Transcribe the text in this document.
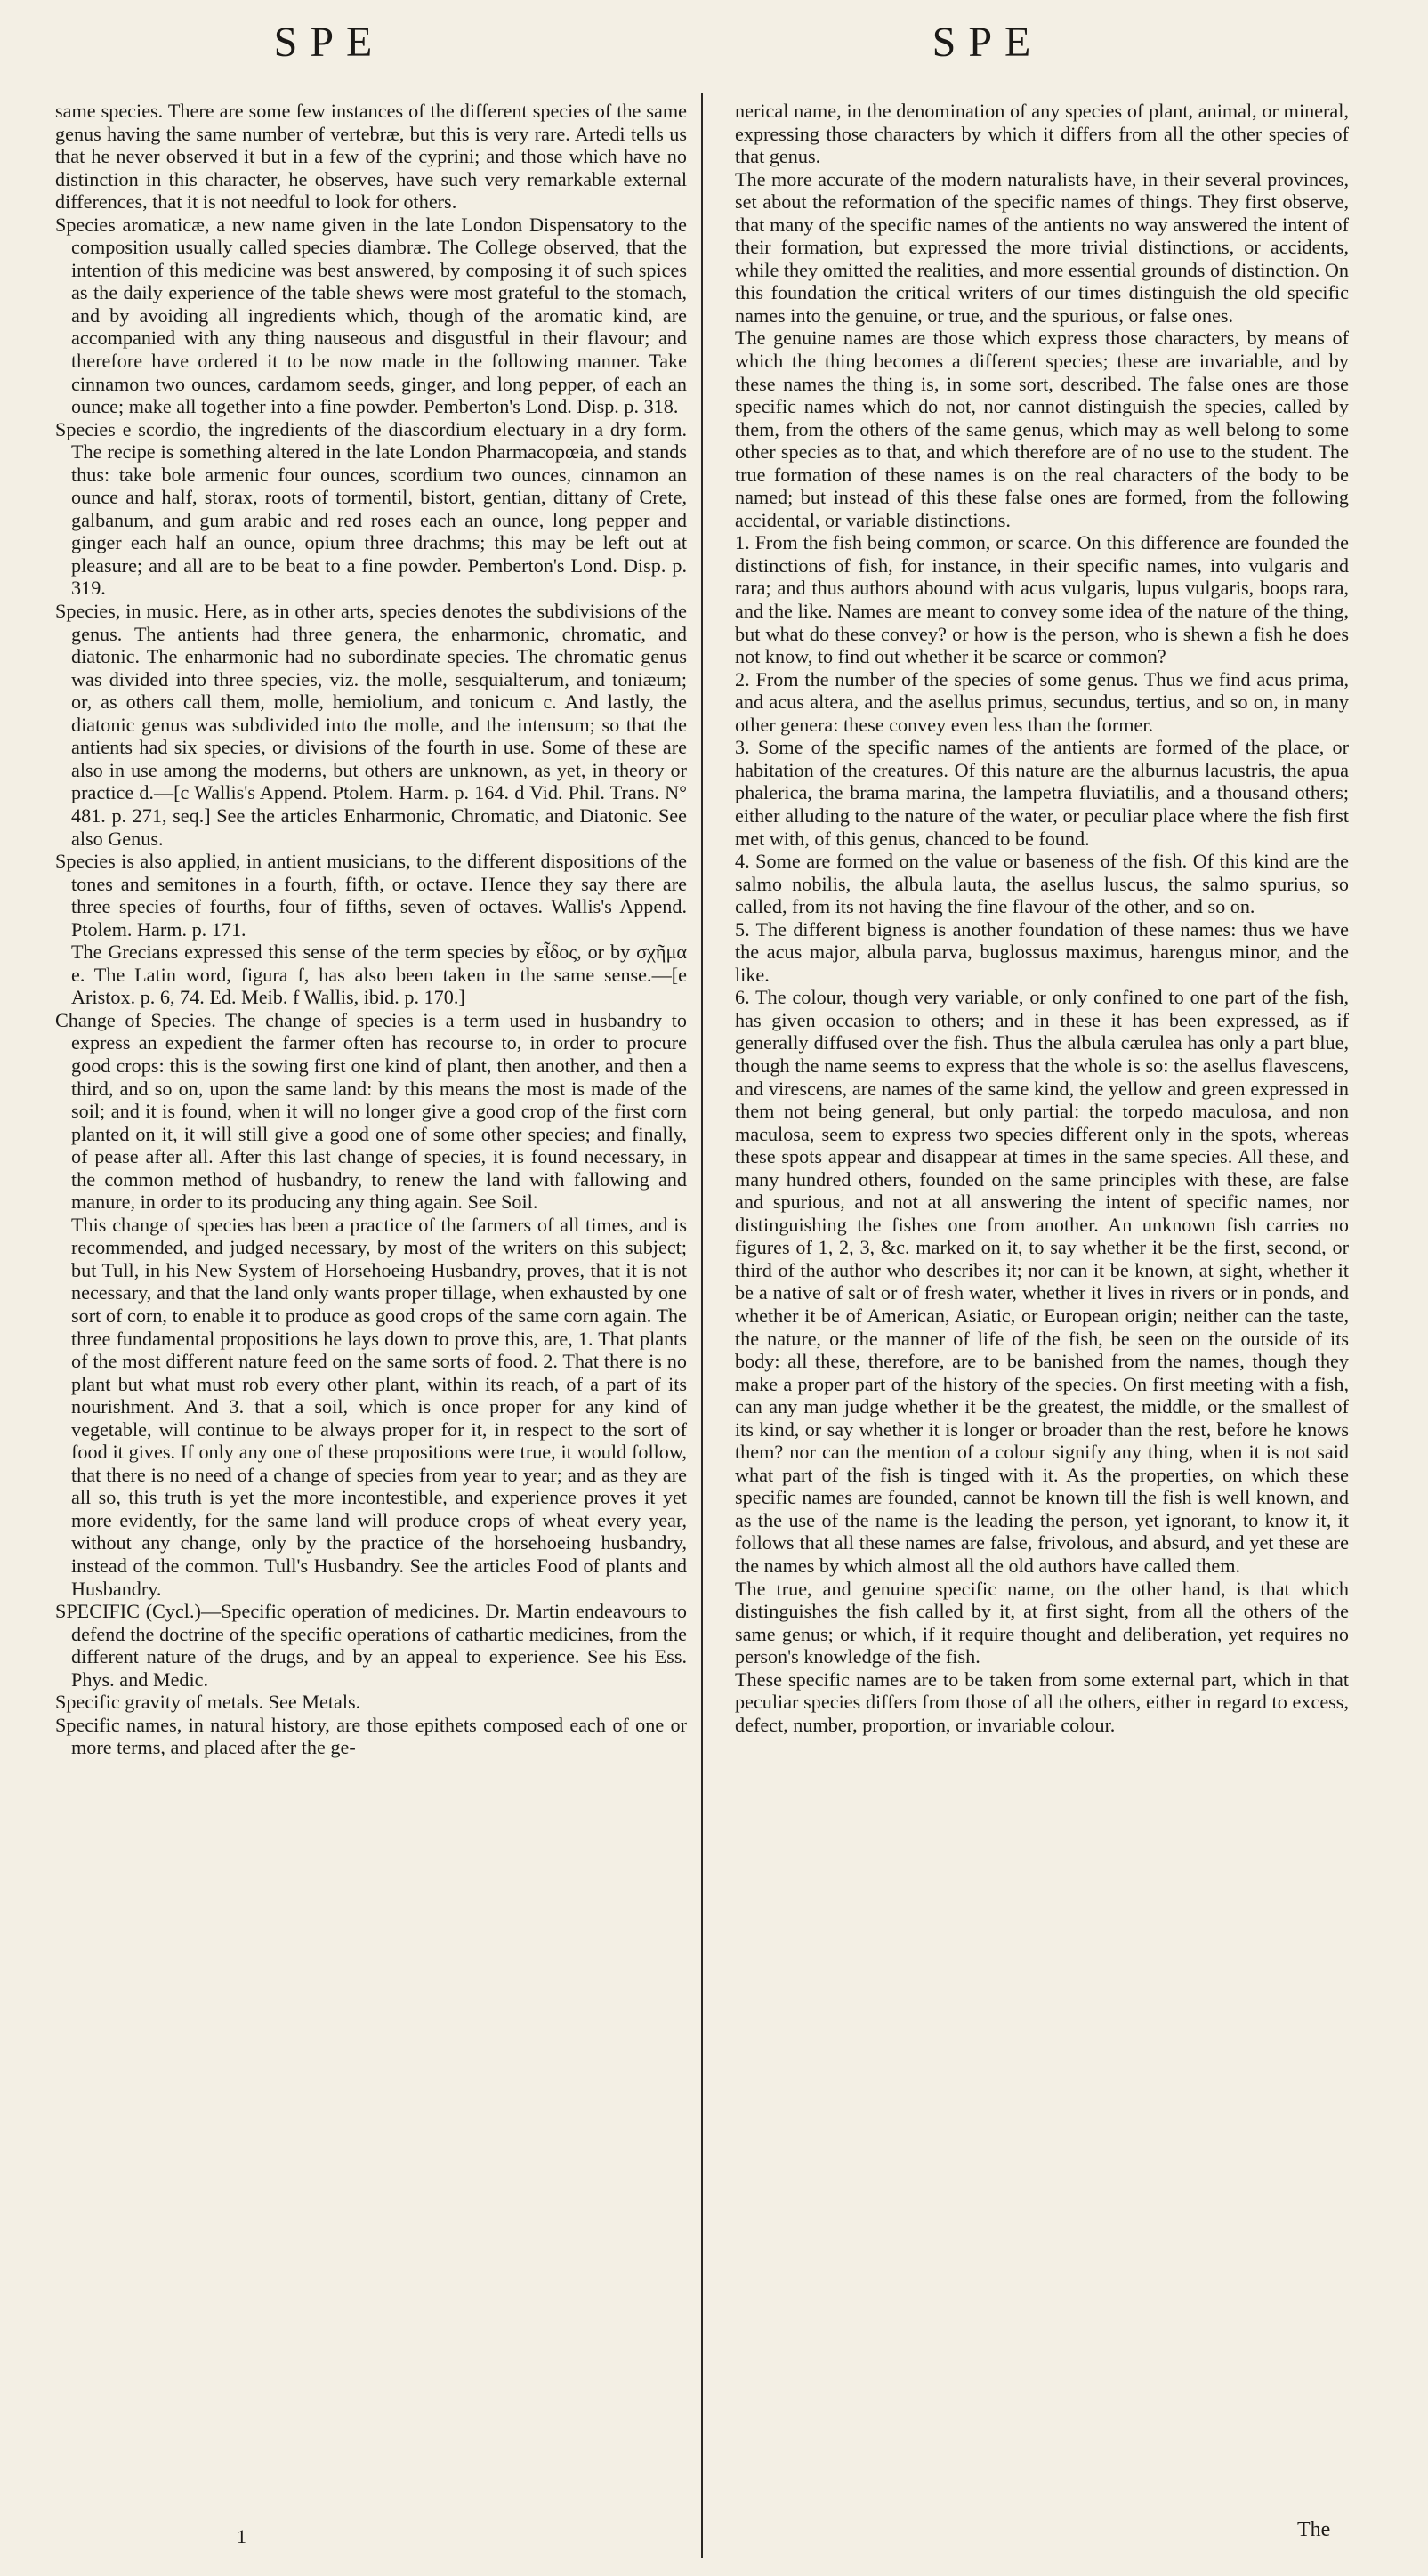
SPE	SPE

same species. There are some few instances of the different species of the same genus having the same number of vertebræ, but this is very rare. Artedi tells us that he never observed it but in a few of the cyprini; and those which have no distinction in this character, he observes, have such very remarkable external differences, that it is not needful to look for others.

Species aromaticæ, a new name given in the late London Dispensatory to the composition usually called species diambræ. The College observed, that the intention of this medicine was best answered, by composing it of such spices as the daily experience of the table shews were most grateful to the stomach, and by avoiding all ingredients which, though of the aromatic kind, are accompanied with any thing nauseous and disgustful in their flavour; and therefore have ordered it to be now made in the following manner. Take cinnamon two ounces, cardamom seeds, ginger, and long pepper, of each an ounce; make all together into a fine powder. Pemberton's Lond. Disp. p. 318.

Species e scordio, the ingredients of the diascordium electuary in a dry form. The recipe is something altered in the late London Pharmacopœia, and stands thus: take bole armenic four ounces, scordium two ounces, cinnamon an ounce and half, storax, roots of tormentil, bistort, gentian, dittany of Crete, galbanum, and gum arabic and red roses each an ounce, long pepper and ginger each half an ounce, opium three drachms; this may be left out at pleasure; and all are to be beat to a fine powder. Pemberton's Lond. Disp. p. 319.

Species, in music. Here, as in other arts, species denotes the subdivisions of the genus. The antients had three genera, the enharmonic, chromatic, and diatonic. The enharmonic had no subordinate species. The chromatic genus was divided into three species, viz. the molle, sesquialterum, and toniæum; or, as others call them, molle, hemiolium, and tonicum c. And lastly, the diatonic genus was subdivided into the molle, and the intensum; so that the antients had six species, or divisions of the fourth in use. Some of these are also in use among the moderns, but others are unknown, as yet, in theory or practice d.—[c Wallis's Append. Ptolem. Harm. p. 164. d Vid. Phil. Trans. N° 481. p. 271, seq.] See the articles Enharmonic, Chromatic, and Diatonic. See also Genus.

Species is also applied, in antient musicians, to the different dispositions of the tones and semitones in a fourth, fifth, or octave. Hence they say there are three species of fourths, four of fifths, seven of octaves. Wallis's Append. Ptolem. Harm. p. 171.

The Grecians expressed this sense of the term species by εἶδος, or by σχῆμα e. The Latin word, figura f, has also been taken in the same sense.—[e Aristox. p. 6, 74. Ed. Meib. f Wallis, ibid. p. 170.]

Change of Species. The change of species is a term used in husbandry to express an expedient the farmer often has recourse to, in order to procure good crops: this is the sowing first one kind of plant, then another, and then a third, and so on, upon the same land: by this means the most is made of the soil; and it is found, when it will no longer give a good crop of the first corn planted on it, it will still give a good one of some other species; and finally, of pease after all. After this last change of species, it is found necessary, in the common method of husbandry, to renew the land with fallowing and manure, in order to its producing any thing again. See Soil.

This change of species has been a practice of the farmers of all times, and is recommended, and judged necessary, by most of the writers on this subject; but Tull, in his New System of Horsehoeing Husbandry, proves, that it is not necessary, and that the land only wants proper tillage, when exhausted by one sort of corn, to enable it to produce as good crops of the same corn again. The three fundamental propositions he lays down to prove this, are, 1. That plants of the most different nature feed on the same sorts of food. 2. That there is no plant but what must rob every other plant, within its reach, of a part of its nourishment. And 3. that a soil, which is once proper for any kind of vegetable, will continue to be always proper for it, in respect to the sort of food it gives. If only any one of these propositions were true, it would follow, that there is no need of a change of species from year to year; and as they are all so, this truth is yet the more incontestible, and experience proves it yet more evidently, for the same land will produce crops of wheat every year, without any change, only by the practice of the horsehoeing husbandry, instead of the common. Tull's Husbandry. See the articles Food of plants and Husbandry.

SPECIFIC (Cycl.)—Specific operation of medicines. Dr. Martin endeavours to defend the doctrine of the specific operations of cathartic medicines, from the different nature of the drugs, and by an appeal to experience. See his Ess. Phys. and Medic.

Specific gravity of metals. See Metals.

Specific names, in natural history, are those epithets composed each of one or more terms, and placed after the ge-

nerical name, in the denomination of any species of plant, animal, or mineral, expressing those characters by which it differs from all the other species of that genus.

The more accurate of the modern naturalists have, in their several provinces, set about the reformation of the specific names of things. They first observe, that many of the specific names of the antients no way answered the intent of their formation, but expressed the more trivial distinctions, or accidents, while they omitted the realities, and more essential grounds of distinction. On this foundation the critical writers of our times distinguish the old specific names into the genuine, or true, and the spurious, or false ones.

The genuine names are those which express those characters, by means of which the thing becomes a different species; these are invariable, and by these names the thing is, in some sort, described. The false ones are those specific names which do not, nor cannot distinguish the species, called by them, from the others of the same genus, which may as well belong to some other species as to that, and which therefore are of no use to the student. The true formation of these names is on the real characters of the body to be named; but instead of this these false ones are formed, from the following accidental, or variable distinctions.

1. From the fish being common, or scarce. On this difference are founded the distinctions of fish, for instance, in their specific names, into vulgaris and rara; and thus authors abound with acus vulgaris, lupus vulgaris, boops rara, and the like. Names are meant to convey some idea of the nature of the thing, but what do these convey? or how is the person, who is shewn a fish he does not know, to find out whether it be scarce or common?

2. From the number of the species of some genus. Thus we find acus prima, and acus altera, and the asellus primus, secundus, tertius, and so on, in many other genera: these convey even less than the former.

3. Some of the specific names of the antients are formed of the place, or habitation of the creatures. Of this nature are the alburnus lacustris, the apua phalerica, the brama marina, the lampetra fluviatilis, and a thousand others; either alluding to the nature of the water, or peculiar place where the fish first met with, of this genus, chanced to be found.

4. Some are formed on the value or baseness of the fish. Of this kind are the salmo nobilis, the albula lauta, the asellus luscus, the salmo spurius, so called, from its not having the fine flavour of the other, and so on.

5. The different bigness is another foundation of these names: thus we have the acus major, albula parva, buglossus maximus, harengus minor, and the like.

6. The colour, though very variable, or only confined to one part of the fish, has given occasion to others; and in these it has been expressed, as if generally diffused over the fish. Thus the albula cærulea has only a part blue, though the name seems to express that the whole is so: the asellus flavescens, and virescens, are names of the same kind, the yellow and green expressed in them not being general, but only partial: the torpedo maculosa, and non maculosa, seem to express two species different only in the spots, whereas these spots appear and disappear at times in the same species. All these, and many hundred others, founded on the same principles with these, are false and spurious, and not at all answering the intent of specific names, nor distinguishing the fishes one from another. An unknown fish carries no figures of 1, 2, 3, &c. marked on it, to say whether it be the first, second, or third of the author who describes it; nor can it be known, at sight, whether it be a native of salt or of fresh water, whether it lives in rivers or in ponds, and whether it be of American, Asiatic, or European origin; neither can the taste, the nature, or the manner of life of the fish, be seen on the outside of its body: all these, therefore, are to be banished from the names, though they make a proper part of the history of the species. On first meeting with a fish, can any man judge whether it be the greatest, the middle, or the smallest of its kind, or say whether it is longer or broader than the rest, before he knows them? nor can the mention of a colour signify any thing, when it is not said what part of the fish is tinged with it. As the properties, on which these specific names are founded, cannot be known till the fish is well known, and as the use of the name is the leading the person, yet ignorant, to know it, it follows that all these names are false, frivolous, and absurd, and yet these are the names by which almost all the old authors have called them.

The true, and genuine specific name, on the other hand, is that which distinguishes the fish called by it, at first sight, from all the others of the same genus; or which, if it require thought and deliberation, yet requires no person's knowledge of the fish.

These specific names are to be taken from some external part, which in that peculiar species differs from those of all the others, either in regard to excess, defect, number, proportion, or invariable colour.

1	The
